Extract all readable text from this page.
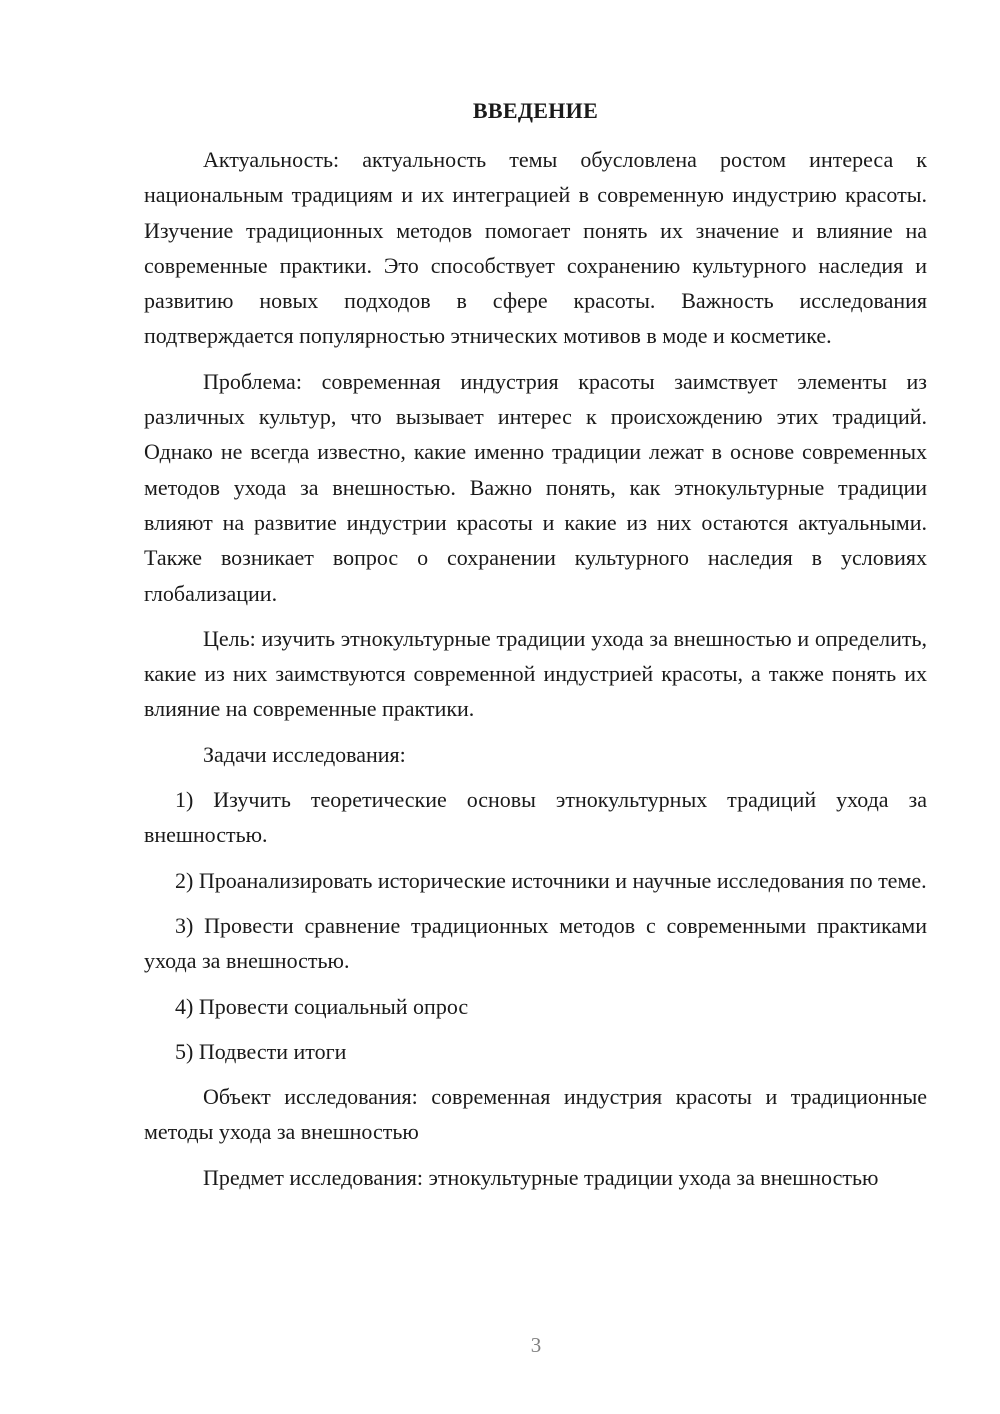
ВВЕДЕНИЕ

Актуальность: актуальность темы обусловлена ростом интереса к национальным традициям и их интеграцией в современную индустрию красоты. Изучение традиционных методов помогает понять их значение и влияние на современные практики. Это способствует сохранению культурного наследия и развитию новых подходов в сфере красоты. Важность исследования подтверждается популярностью этнических мотивов в моде и косметике.

Проблема: современная индустрия красоты заимствует элементы из различных культур, что вызывает интерес к происхождению этих традиций. Однако не всегда известно, какие именно традиции лежат в основе современных методов ухода за внешностью. Важно понять, как этнокультурные традиции влияют на развитие индустрии красоты и какие из них остаются актуальными. Также возникает вопрос о сохранении культурного наследия в условиях глобализации.

Цель: изучить этнокультурные традиции ухода за внешностью и определить, какие из них заимствуются современной индустрией красоты, а также понять их влияние на современные практики.

Задачи исследования:

1) Изучить теоретические основы этнокультурных традиций ухода за внешностью.

2) Проанализировать исторические источники и научные исследования по теме.

3) Провести сравнение традиционных методов с современными практиками ухода за внешностью.

4) Провести социальный опрос

5) Подвести итоги

Объект исследования: современная индустрия красоты и традиционные методы ухода за внешностью

Предмет исследования: этнокультурные традиции ухода за внешностью

3
